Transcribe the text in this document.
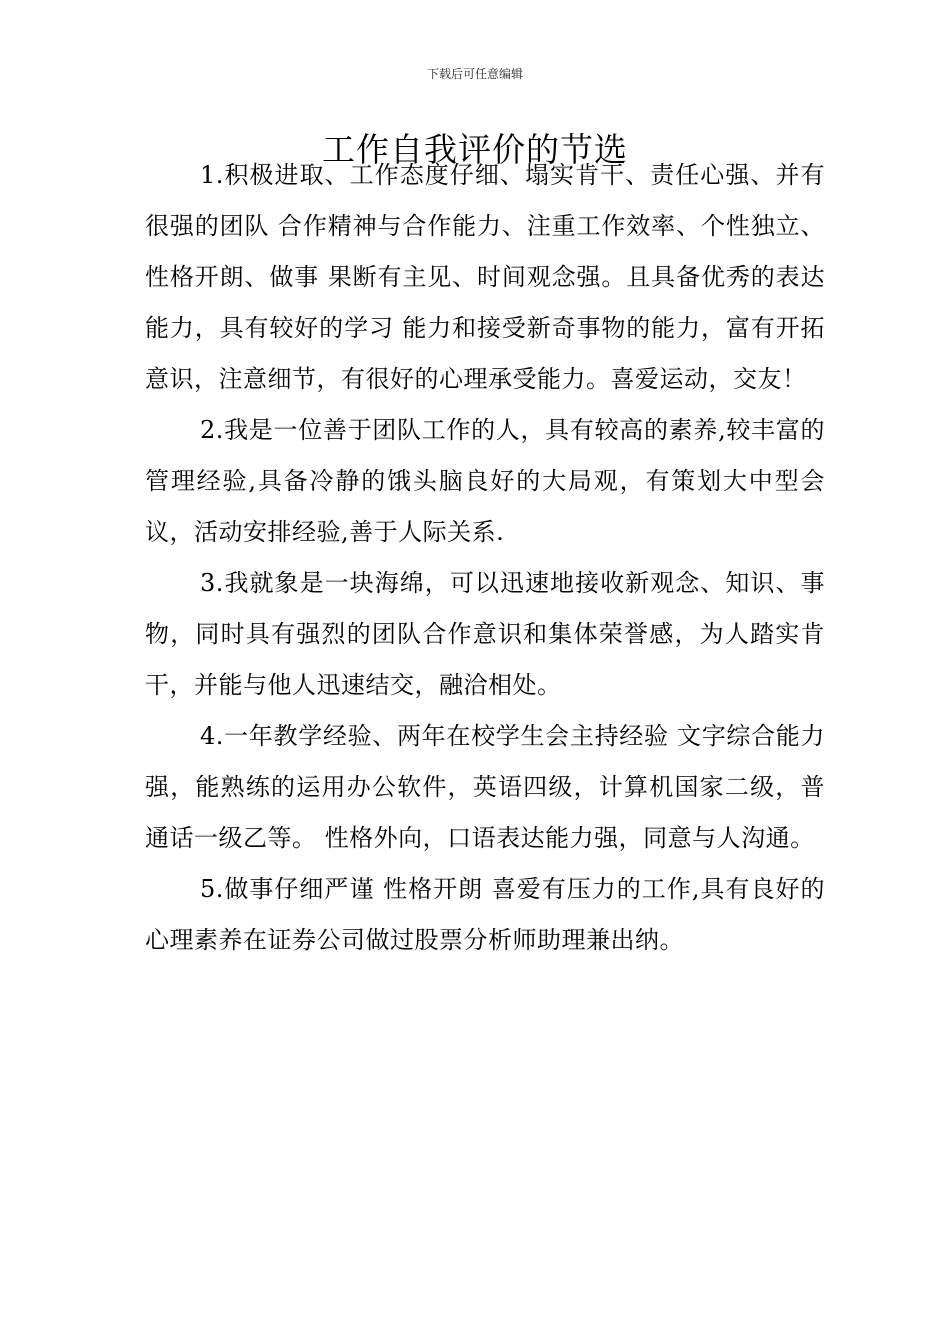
下载后可任意编辑
工作自我评价的节选

1.积极进取、工作态度仔细、塌实肯干、责任心强、并有很强的团队 合作精神与合作能力、注重工作效率、个性独立、性格开朗、做事 果断有主见、时间观念强。且具备优秀的表达能力，具有较好的学习 能力和接受新奇事物的能力，富有开拓意识，注意细节，有很好的心理承受能力。喜爱运动，交友！

2.我是一位善于团队工作的人，具有较高的素养,较丰富的管理经验,具备冷静的饿头脑良好的大局观，有策划大中型会议，活动安排经验,善于人际关系.

3.我就象是一块海绵，可以迅速地接收新观念、知识、事物，同时具有强烈的团队合作意识和集体荣誉感，为人踏实肯干，并能与他人迅速结交，融洽相处。

4.一年教学经验、两年在校学生会主持经验 文字综合能力强，能熟练的运用办公软件，英语四级，计算机国家二级，普通话一级乙等。 性格外向，口语表达能力强，同意与人沟通。

5.做事仔细严谨 性格开朗 喜爱有压力的工作,具有良好的心理素养在证券公司做过股票分析师助理兼出纳。
